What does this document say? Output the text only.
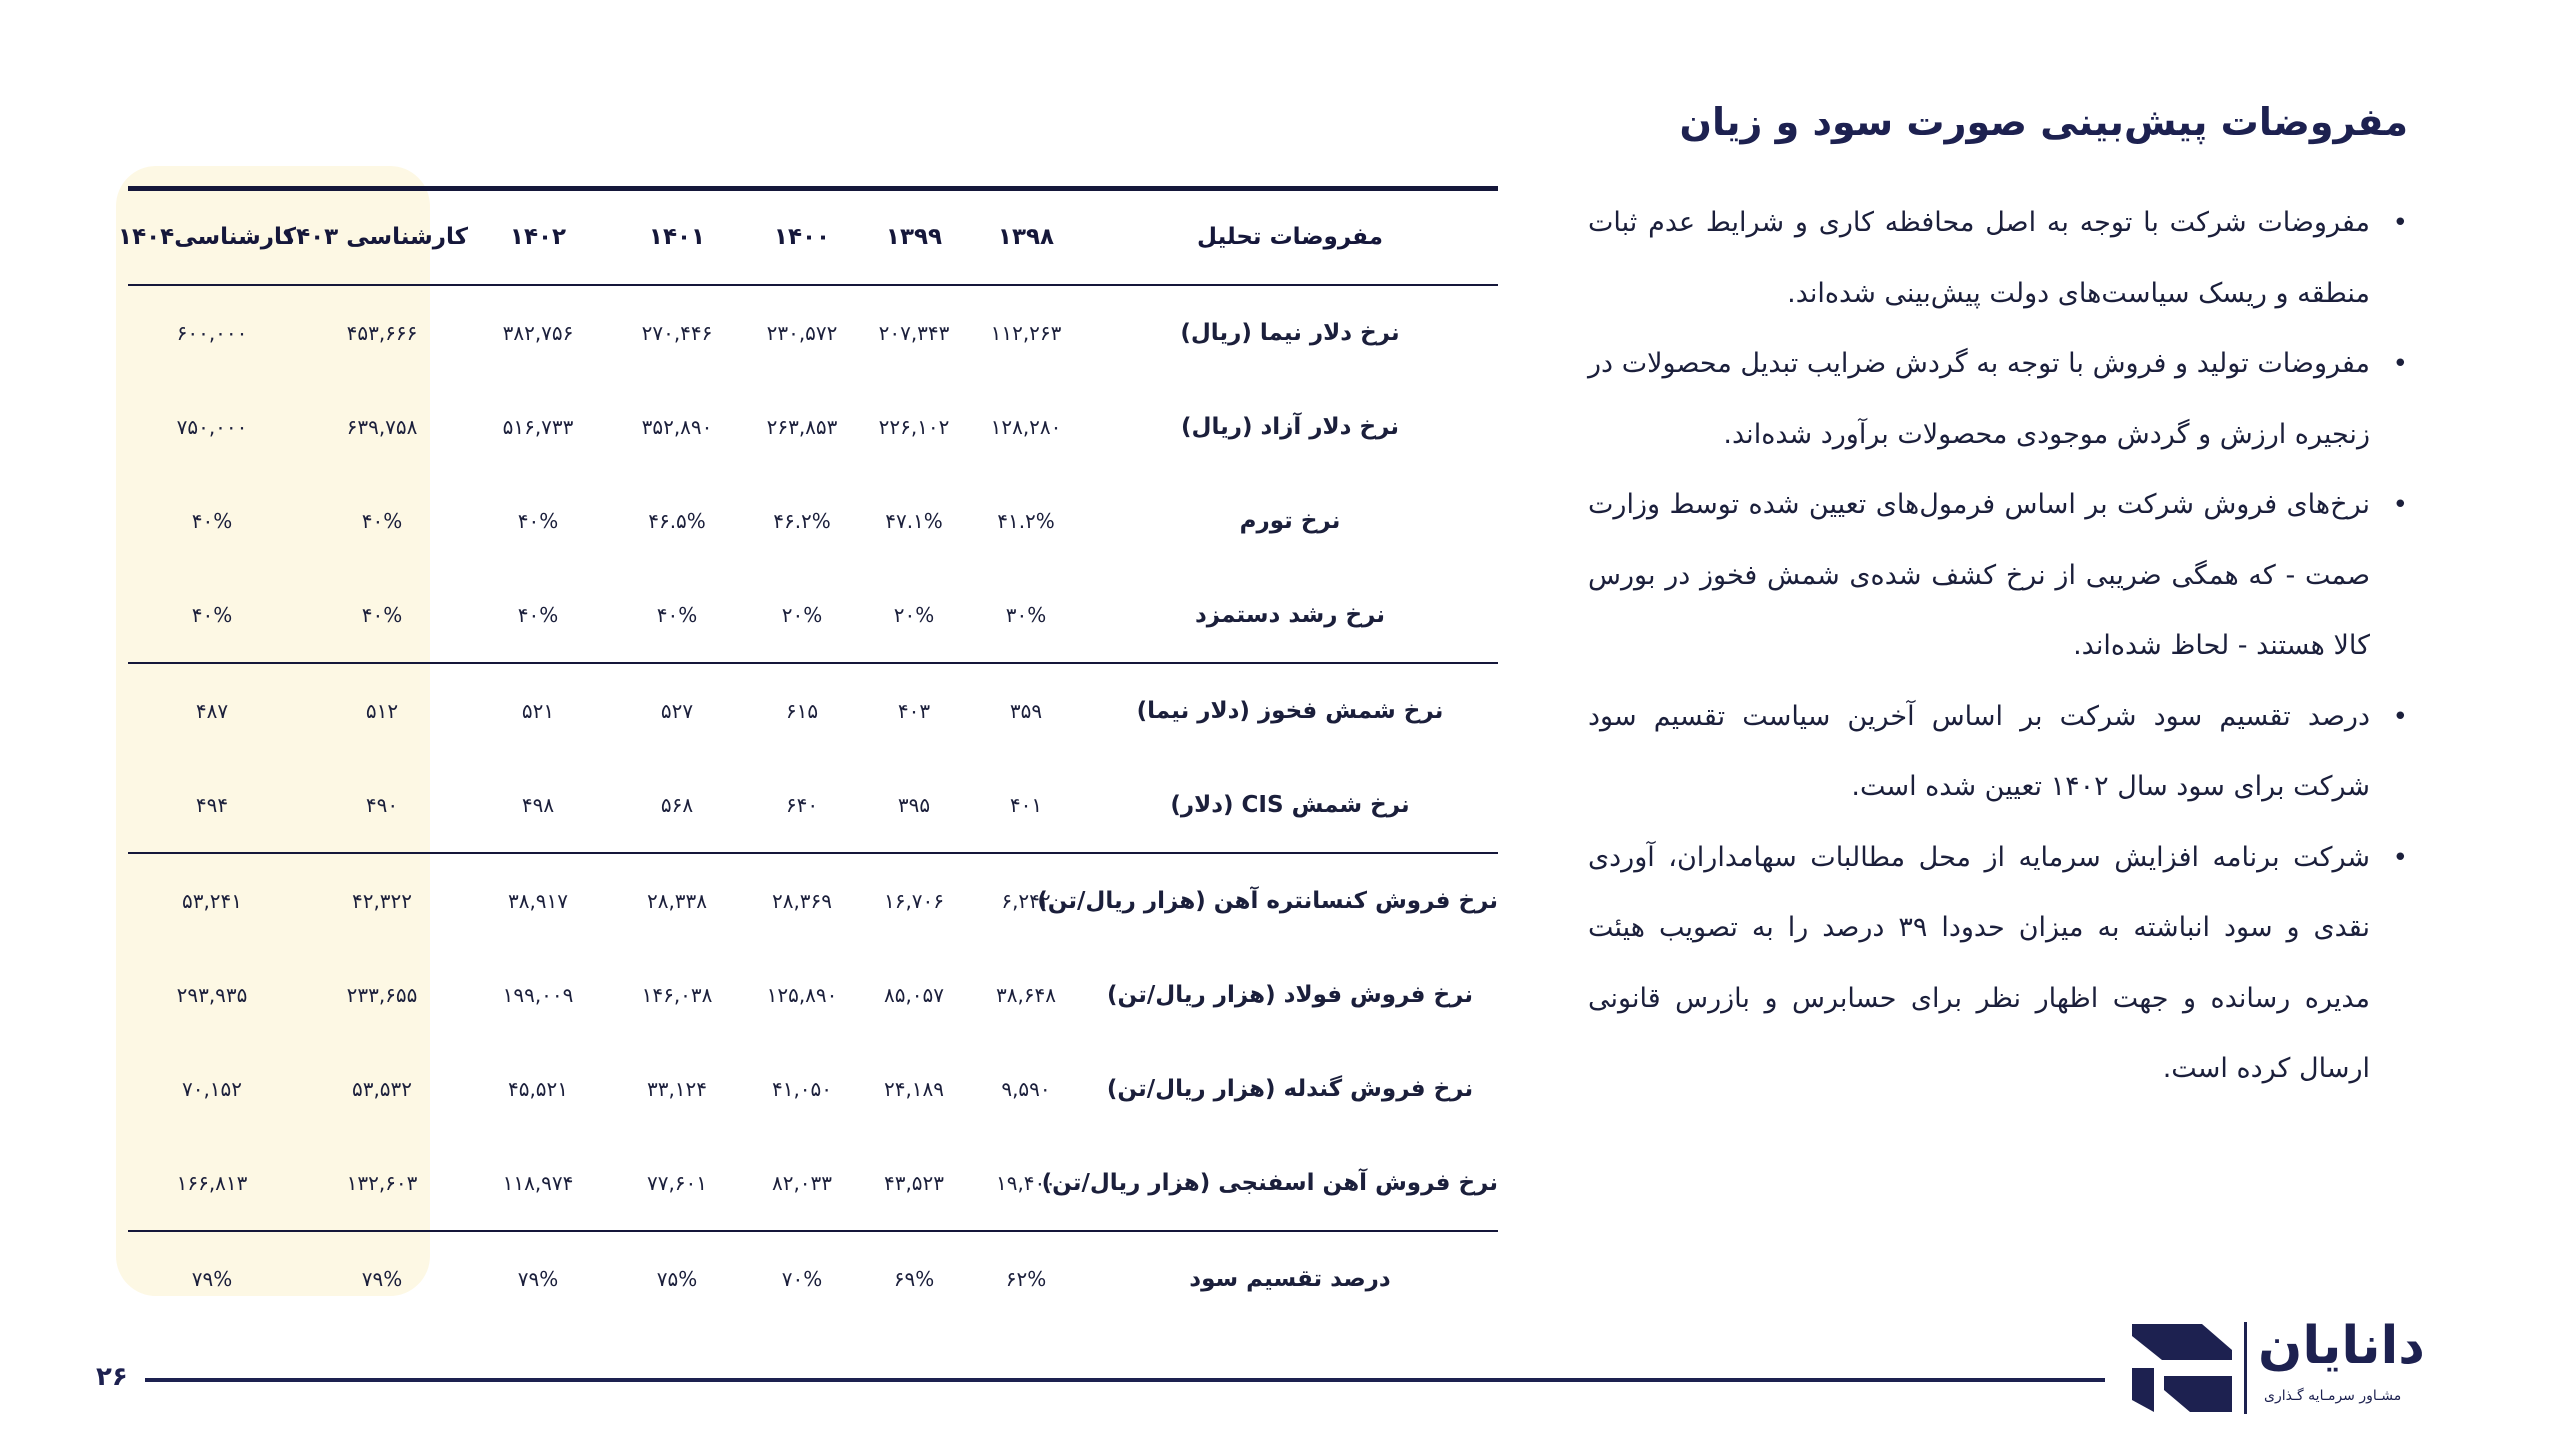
مفروضات پیش‌بینی صورت سود و زیان
• مفروضات شرکت با توجه به اصل محافظه کاری و شرایط عدم ثبات منطقه و ریسک سیاست‌های دولت پیش‌بینی شده‌اند.
• مفروضات تولید و فروش با توجه به گردش ضرایب تبدیل محصولات در زنجیره ارزش و گردش موجودی محصولات برآورد شده‌اند.
• نرخ‌های فروش شرکت بر اساس فرمول‌های تعیین شده توسط وزارت صمت - که همگی ضریبی از نرخ کشف شده‌ی شمش فخوز در بورس کالا هستند - لحاظ شده‌اند.
• درصد تقسیم سود شرکت بر اساس آخرین سیاست تقسیم سود شرکت برای سود سال ۱۴۰۲ تعیین شده است.
• شرکت برنامه افزایش سرمایه از محل مطالبات سهامداران، آوردی نقدی و سود انباشته به میزان حدودا ۳۹ درصد را به تصویب هیئت مدیره رسانده و جهت اظهار نظر برای حسابرس و بازرس قانونی ارسال کرده است.
مفروضات تحلیل	۱۳۹۸	۱۳۹۹	۱۴۰۰	۱۴۰۱	۱۴۰۲	کارشناسی ۱۴۰۳	کارشناسی۱۴۰۴
نرخ دلار نیما (ریال)	۱۱۲,۲۶۳	۲۰۷,۳۴۳	۲۳۰,۵۷۲	۲۷۰,۴۴۶	۳۸۲,۷۵۶	۴۵۳,۶۶۶	۶۰۰,۰۰۰
نرخ دلار آزاد (ریال)	۱۲۸,۲۸۰	۲۲۶,۱۰۲	۲۶۳,۸۵۳	۳۵۲,۸۹۰	۵۱۶,۷۳۳	۶۳۹,۷۵۸	۷۵۰,۰۰۰
نرخ تورم	۴۱.۲%	۴۷.۱%	۴۶.۲%	۴۶.۵%	۴۰%	۴۰%	۴۰%
نرخ رشد دستمزد	۳۰%	۲۰%	۲۰%	۴۰%	۴۰%	۴۰%	۴۰%
نرخ شمش فخوز (دلار نیما)	۳۵۹	۴۰۳	۶۱۵	۵۲۷	۵۲۱	۵۱۲	۴۸۷
نرخ شمش CIS (دلار)	۴۰۱	۳۹۵	۶۴۰	۵۶۸	۴۹۸	۴۹۰	۴۹۴
نرخ فروش کنسانتره آهن (هزار ریال/تن)	۶,۲۴۲	۱۶,۷۰۶	۲۸,۳۶۹	۲۸,۳۳۸	۳۸,۹۱۷	۴۲,۳۲۲	۵۳,۲۴۱
نرخ فروش فولاد (هزار ریال/تن)	۳۸,۶۴۸	۸۵,۰۵۷	۱۲۵,۸۹۰	۱۴۶,۰۳۸	۱۹۹,۰۰۹	۲۳۳,۶۵۵	۲۹۳,۹۳۵
نرخ فروش گندله (هزار ریال/تن)	۹,۵۹۰	۲۴,۱۸۹	۴۱,۰۵۰	۳۳,۱۲۴	۴۵,۵۲۱	۵۳,۵۳۲	۷۰,۱۵۲
نرخ فروش آهن اسفنجی (هزار ریال/تن)	۱۹,۴۰۰	۴۳,۵۲۳	۸۲,۰۳۳	۷۷,۶۰۱	۱۱۸,۹۷۴	۱۳۲,۶۰۳	۱۶۶,۸۱۳
درصد تقسیم سود	۶۲%	۶۹%	۷۰%	۷۵%	۷۹%	۷۹%	۷۹%
۲۶
دانایان
مشـاور سرمـایه گـذاری
